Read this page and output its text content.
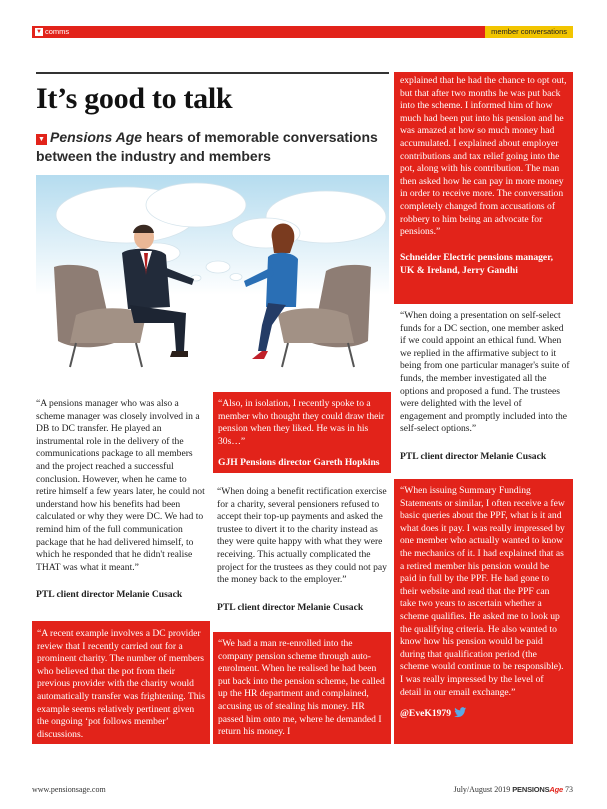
▼ comms	member conversations
It’s good to talk

▼ Pensions Age hears of memorable conversations between the industry and members

“A pensions manager who was also a scheme manager was closely involved in a DB to DC transfer. He played an instrumental role in the delivery of the communications package to all members and the project reached a successful conclusion. However, when he came to retire himself a few years later, he could not understand how his benefits had been calculated or why they were DC. We had to remind him of the full communication package that he had delivered himself, to which he responded that he didn't realise THAT was what it meant.”

PTL client director Melanie Cusack

“A recent example involves a DC provider review that I recently carried out for a prominent charity. The number of members who believed that the pot from their previous provider with the charity would automatically transfer was frightening. This example seems relatively pertinent given the ongoing ‘pot follows member’ discussions.

“Also, in isolation, I recently spoke to a member who thought they could draw their pension when they liked. He was in his 30s…”

GJH Pensions director Gareth Hopkins

“When doing a benefit rectification exercise for a charity, several pensioners refused to accept their top-up payments and asked the trustee to divert it to the charity instead as they were quite happy with what they were receiving. This actually complicated the project for the trustees as they could not pay the money back to the employer.”

PTL client director Melanie Cusack

“We had a man re-enrolled into the company pension scheme through auto-enrolment. When he realised he had been put back into the pension scheme, he called up the HR department and complained, accusing us of stealing his money. HR passed him onto me, where he demanded I return his money. I

explained that he had the chance to opt out, but that after two months he was put back into the scheme. I informed him of how much had been put into his pension and he was amazed at how so much money had accumulated. I explained about employer contributions and tax relief going into the pot, along with his contribution. The man then asked how he can pay in more money in order to receive more. The conversation completely changed from accusations of robbery to him being an advocate for pensions.”

Schneider Electric pensions manager, UK & Ireland, Jerry Gandhi

“When doing a presentation on self-select funds for a DC section, one member asked if we could appoint an ethical fund. When we replied in the affirmative subject to it being from one particular manager's suite of funds, the member investigated all the options and proposed a fund. The trustees were delighted with the level of engagement and promptly included into the self-select options.”

PTL client director Melanie Cusack

“When issuing Summary Funding Statements or similar, I often receive a few basic queries about the PPF, what is it and what does it pay. I was really impressed by one member who actually wanted to know the mechanics of it. I had explained that as a retired member his pension would be paid in full by the PPF. He had gone to their website and read that the PPF can take two years to ascertain whether a scheme qualifies. He asked me to look up the qualifying criteria. He also wanted to know how his pension would be paid during that qualification period (the scheme would continue to be responsible). I was really impressed by the level of detail in our email exchange.”

@EveK1979

www.pensionsage.com	July/August 2019 PENSIONSAge 73
